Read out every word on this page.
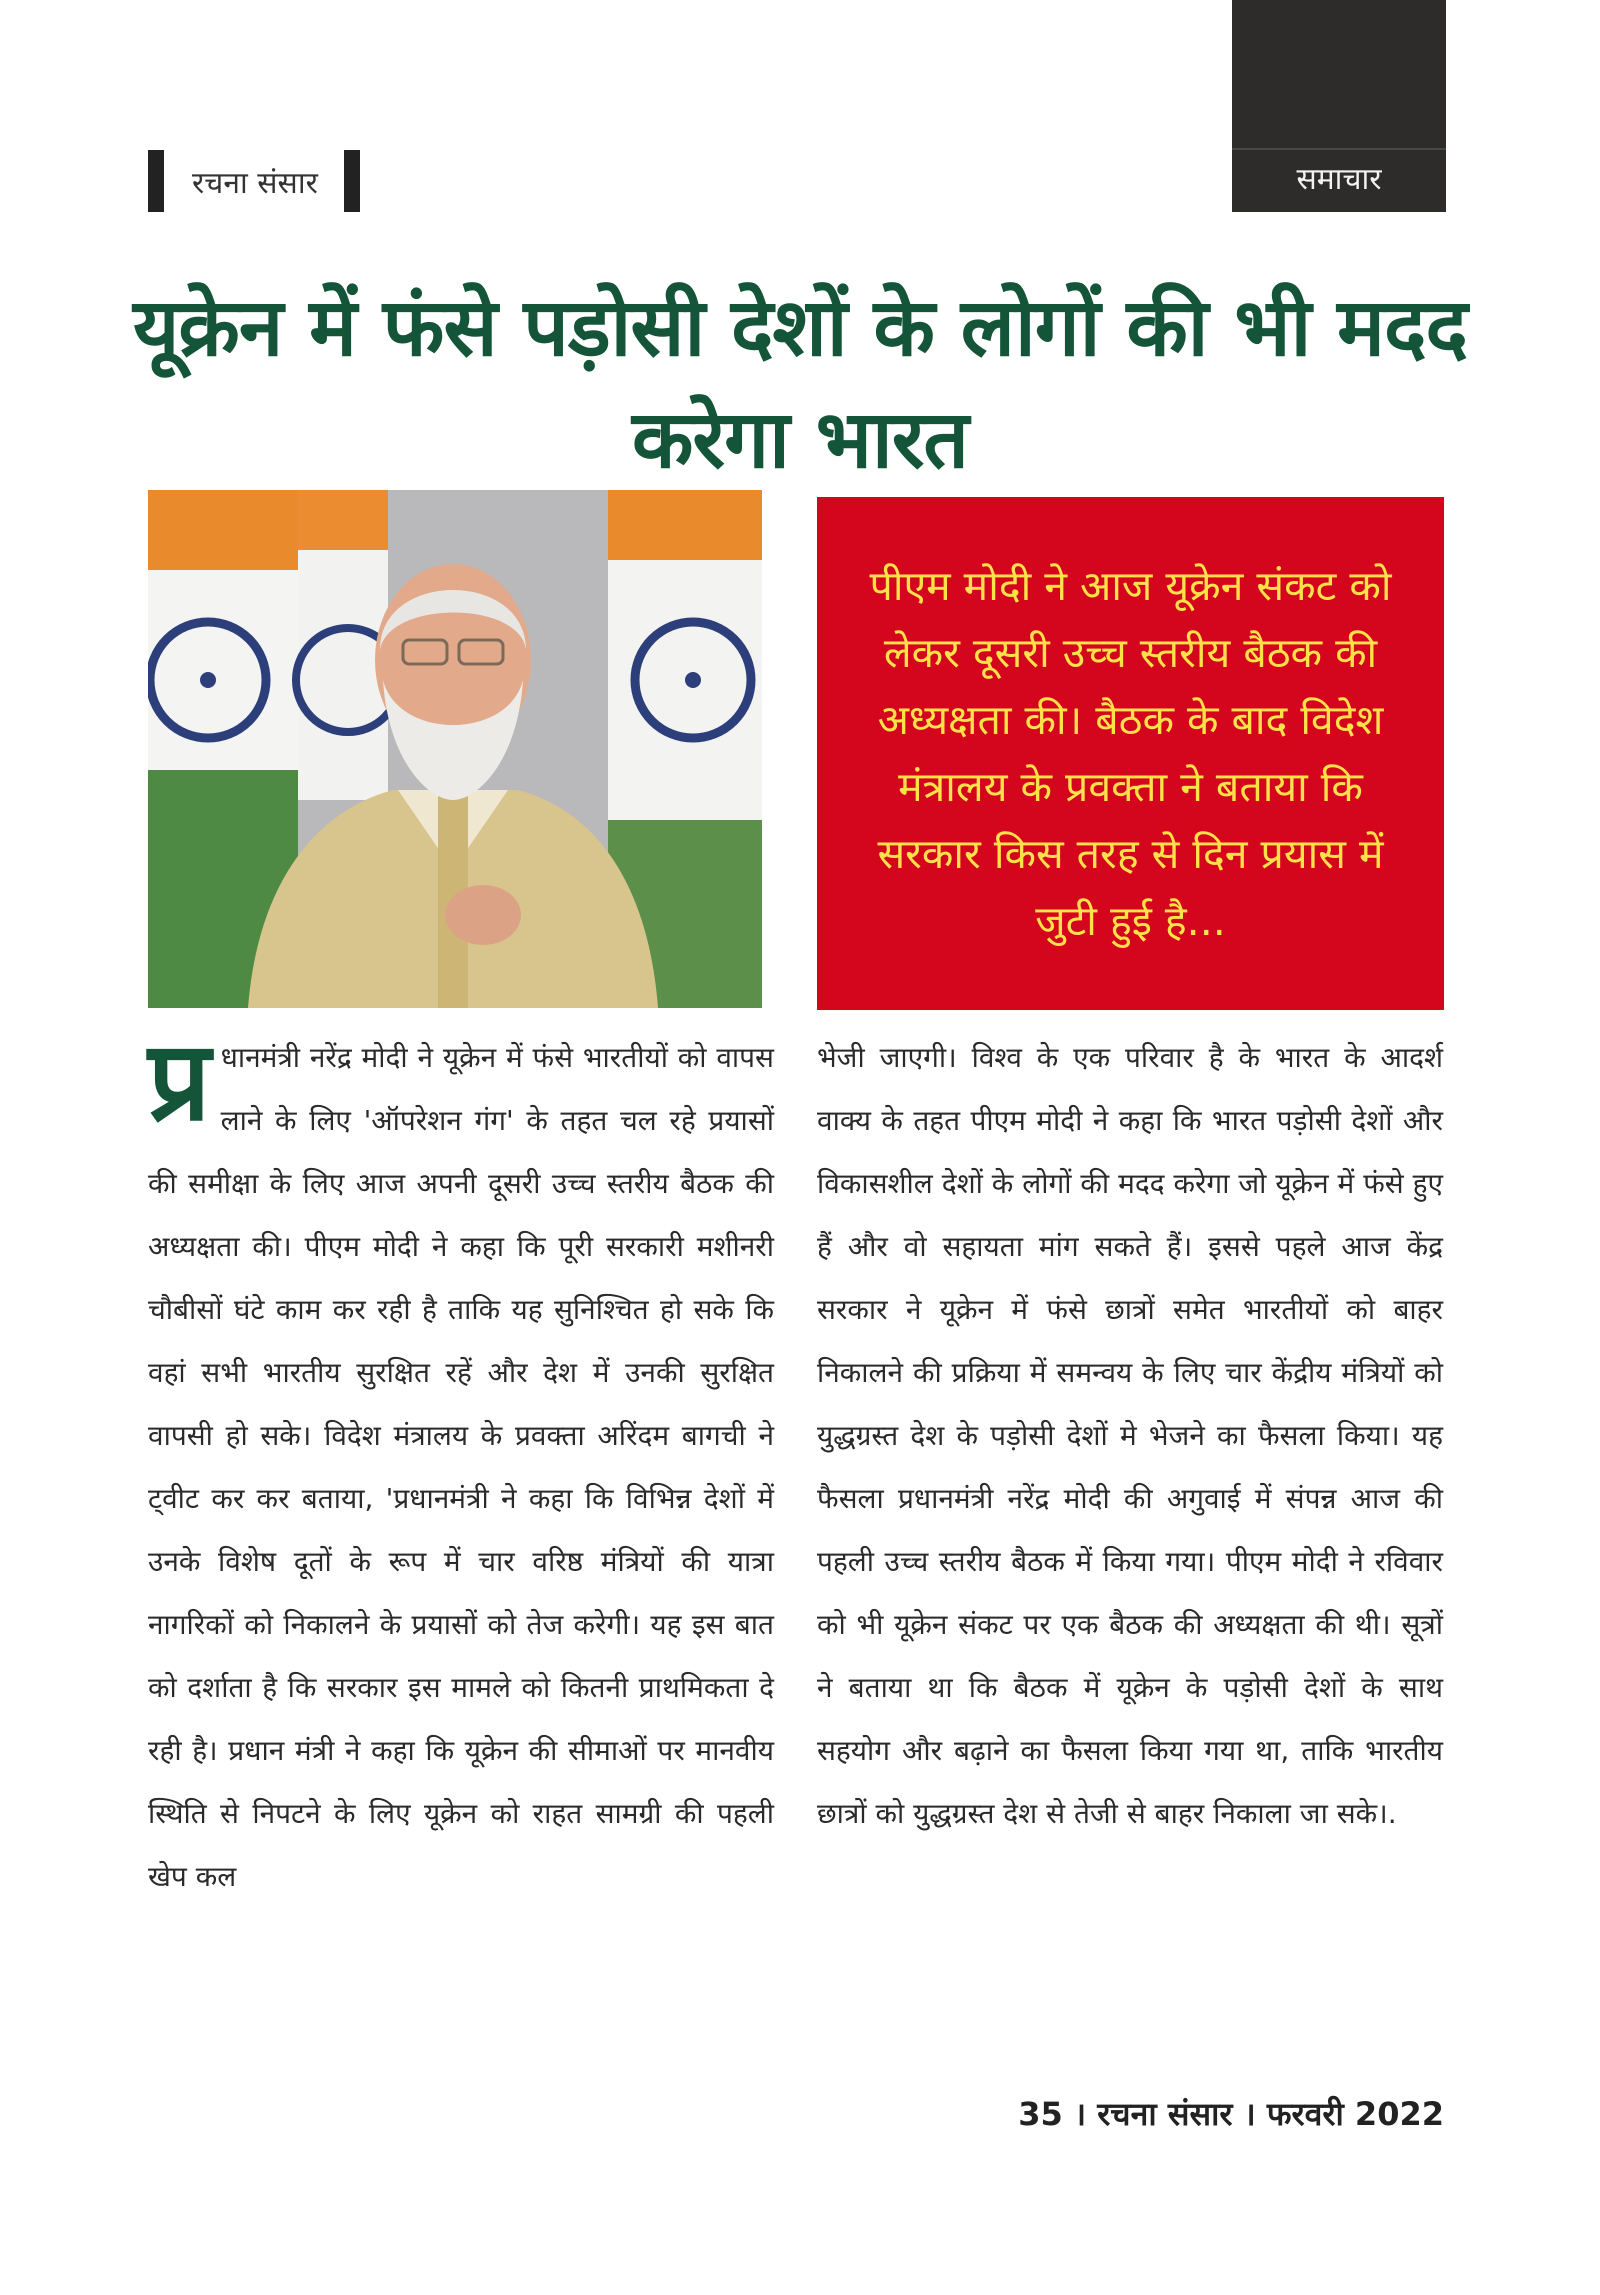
समाचार
रचना संसार
यूक्रेन में फंसे पड़ोसी देशों के लोगों की भी मदद करेगा भारत

पीएम मोदी ने आज यूक्रेन संकट को लेकर दूसरी उच्च स्तरीय बैठक की अध्यक्षता की। बैठक के बाद विदेश मंत्रालय के प्रवक्ता ने बताया कि सरकार किस तरह से दिन प्रयास में जुटी हुई है...

प्र धानमंत्री नरेंद्र मोदी ने यूक्रेन में फंसे भारतीयों को वापस लाने के लिए 'ऑपरेशन गंग' के तहत चल रहे प्रयासों की समीक्षा के लिए आज अपनी दूसरी उच्च स्तरीय बैठक की अध्यक्षता की। पीएम मोदी ने कहा कि पूरी सरकारी मशीनरी चौबीसों घंटे काम कर रही है ताकि यह सुनिश्चित हो सके कि वहां सभी भारतीय सुरक्षित रहें और देश में उनकी सुरक्षित वापसी हो सके। विदेश मंत्रालय के प्रवक्ता अरिंदम बागची ने ट्वीट कर कर बताया, 'प्रधानमंत्री ने कहा कि विभिन्न देशों में उनके विशेष दूतों के रूप में चार वरिष्ठ मंत्रियों की यात्रा नागरिकों को निकालने के प्रयासों को तेज करेगी। यह इस बात को दर्शाता है कि सरकार इस मामले को कितनी प्राथमिकता दे रही है। प्रधान मंत्री ने कहा कि यूक्रेन की सीमाओं पर मानवीय स्थिति से निपटने के लिए यूक्रेन को राहत सामग्री की पहली खेप कल
भेजी जाएगी। विश्व के एक परिवार है के भारत के आदर्श वाक्य के तहत पीएम मोदी ने कहा कि भारत पड़ोसी देशों और विकासशील देशों के लोगों की मदद करेगा जो यूक्रेन में फंसे हुए हैं और वो सहायता मांग सकते हैं। इससे पहले आज केंद्र सरकार ने यूक्रेन में फंसे छात्रों समेत भारतीयों को बाहर निकालने की प्रक्रिया में समन्वय के लिए चार केंद्रीय मंत्रियों को युद्धग्रस्त देश के पड़ोसी देशों मे भेजने का फैसला किया। यह फैसला प्रधानमंत्री नरेंद्र मोदी की अगुवाई में संपन्न आज की पहली उच्च स्तरीय बैठक में किया गया। पीएम मोदी ने रविवार को भी यूक्रेन संकट पर एक बैठक की अध्यक्षता की थी। सूत्रों ने बताया था कि बैठक में यूक्रेन के पड़ोसी देशों के साथ सहयोग और बढ़ाने का फैसला किया गया था, ताकि भारतीय छात्रों को युद्धग्रस्त देश से तेजी से बाहर निकाला जा सके।.
35 । रचना संसार । फरवरी 2022
